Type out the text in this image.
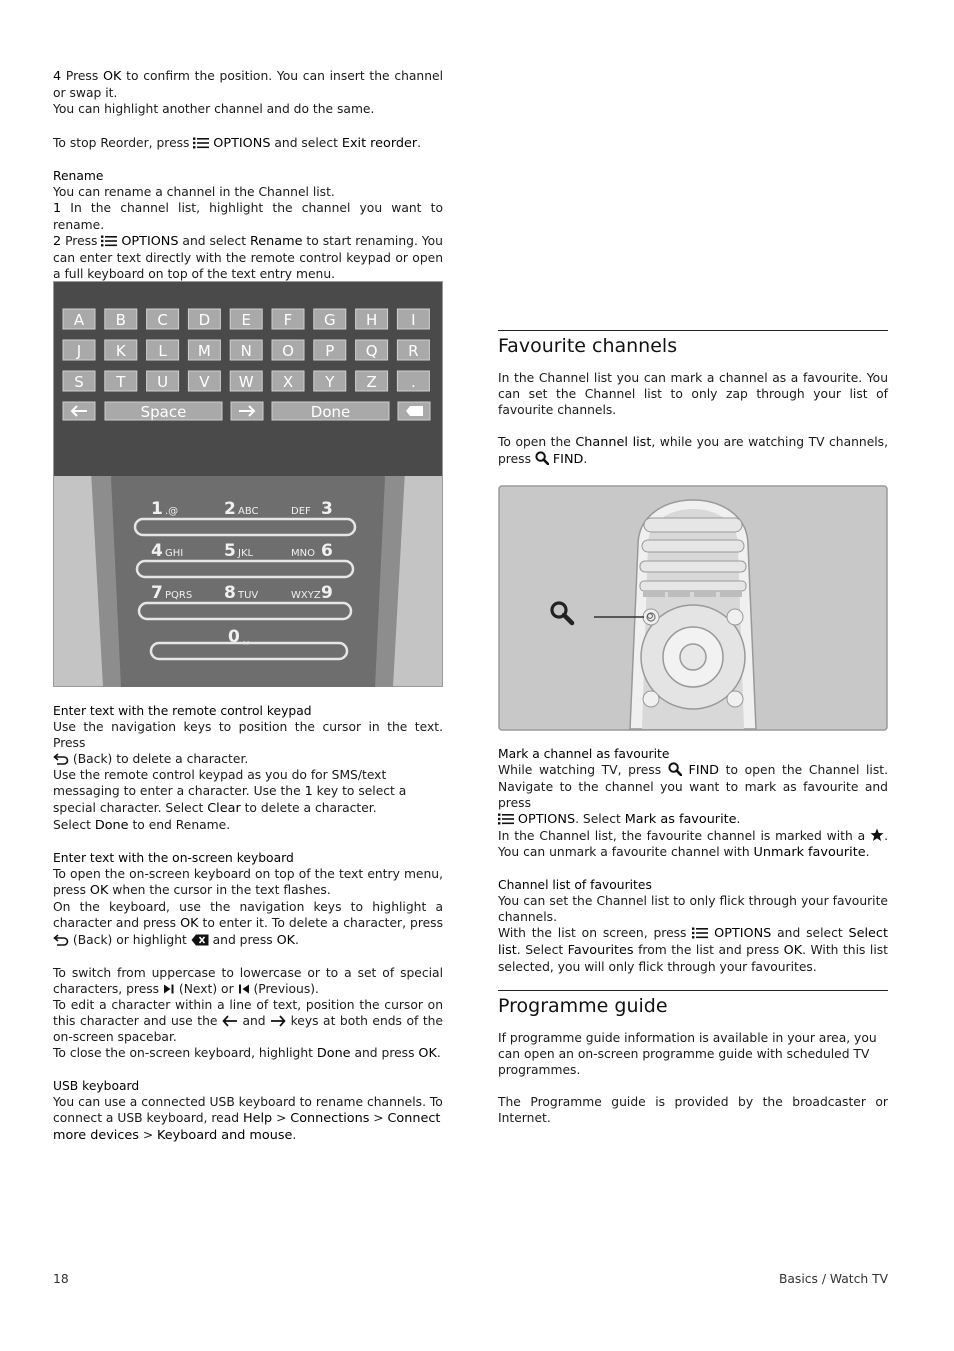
4 Press OK to confirm the position. You can insert the channel or swap it.

You can highlight another channel and do the same.

To stop Reorder, press  OPTIONS and select Exit reorder.

Rename

You can rename a channel in the Channel list.

1 In the channel list, highlight the channel you want to rename.

2 Press  OPTIONS and select Rename to start renaming. You can enter text directly with the remote control keypad or open a full keyboard on top of the text entry menu.

1 .@	2 ABC	DEF 3
4 GHI 5 JKL	MNO 6
7 PQRS 8 TUV	WXYZ 9
0 ␣
A B C D E F G H I
J K L M N O P Q R
S T U V W X Y Z .
Space	Done

Enter text with the remote control keypad

Use the navigation keys to position the cursor in the text. Press
(Back) to delete a character.

Use the remote control keypad as you do for SMS/text messaging to enter a character. Use the 1 key to select a special character. Select Clear to delete a character.

Select Done to end Rename.

Enter text with the on-screen keyboard

To open the on-screen keyboard on top of the text entry menu, press OK when the cursor in the text flashes.

On the keyboard, use the navigation keys to highlight a character and press OK to enter it. To delete a character, press  (Back) or highlight  and press OK.

To switch from uppercase to lowercase or to a set of special characters, press  (Next) or  (Previous).

To edit a character within a line of text, position the cursor on this character and use the  and  keys at both ends of the on-screen spacebar.

To close the on-screen keyboard, highlight Done and press OK.

USB keyboard

You can use a connected USB keyboard to rename channels. To connect a USB keyboard, read Help > Connections > Connect more devices > Keyboard and mouse.

Favourite channels

In the Channel list you can mark a channel as a favourite. You can set the Channel list to only zap through your list of favourite channels.

To open the Channel list, while you are watching TV channels, press  FIND.

Mark a channel as favourite

While watching TV, press  FIND to open the Channel list. Navigate to the channel you want to mark as favourite and press
OPTIONS. Select Mark as favourite.

In the Channel list, the favourite channel is marked with a . You can unmark a favourite channel with Unmark favourite.

Channel list of favourites

You can set the Channel list to only flick through your favourite channels.

With the list on screen, press  OPTIONS and select Select list. Select Favourites from the list and press OK. With this list selected, you will only flick through your favourites.

Programme guide

If programme guide information is available in your area, you can open an on-screen programme guide with scheduled TV programmes.

The Programme guide is provided by the broadcaster or Internet.

18	Basics / Watch TV
